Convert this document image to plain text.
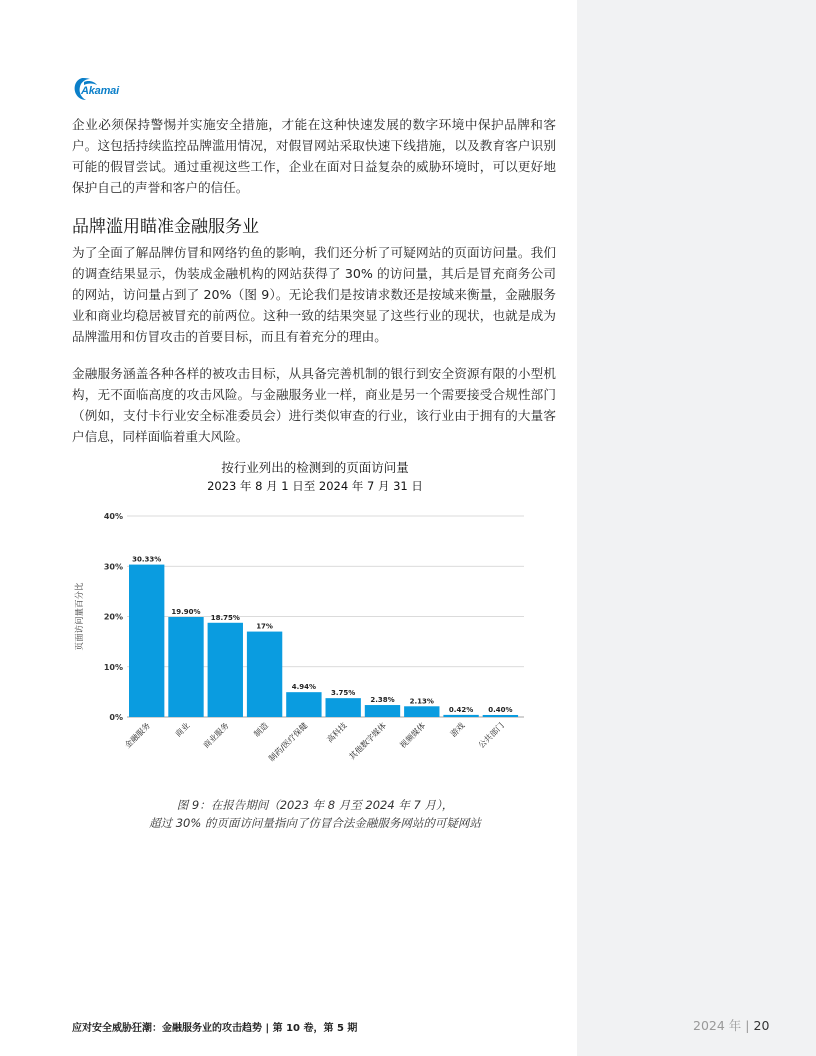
Akamai

企业必须保持警惕并实施安全措施，才能在这种快速发展的数字环境中保护品牌和客户。这包括持续监控品牌滥用情况，对假冒网站采取快速下线措施，以及教育客户识别可能的假冒尝试。通过重视这些工作，企业在面对日益复杂的威胁环境时，可以更好地保护自己的声誉和客户的信任。

品牌滥用瞄准金融服务业

为了全面了解品牌仿冒和网络钓鱼的影响，我们还分析了可疑网站的页面访问量。我们的调查结果显示，伪装成金融机构的网站获得了 30% 的访问量，其后是冒充商务公司的网站，访问量占到了 20%（图 9）。无论我们是按请求数还是按域来衡量，金融服务业和商业均稳居被冒充的前两位。这种一致的结果突显了这些行业的现状，也就是成为品牌滥用和仿冒攻击的首要目标，而且有着充分的理由。

金融服务涵盖各种各样的被攻击目标，从具备完善机制的银行到安全资源有限的小型机构，无不面临高度的攻击风险。与金融服务业一样，商业是另一个需要接受合规性部门（例如，支付卡行业安全标准委员会）进行类似审查的行业，该行业由于拥有的大量客户信息，同样面临着重大风险。

按行业列出的检测到的页面访问量
2023 年 8 月 1 日至 2024 年 7 月 31 日
0%
10%
20%
30%
40%
页面访问量百分比
30.33%
金融服务
19.90%
商业
18.75%
商业服务
17%
制造
4.94%
制药/医疗保健
3.75%
高科技
2.38%
其他数字媒体
2.13%
视频媒体
0.42%
游戏
0.40%
公共部门
图 9：在报告期间（2023 年 8 月至 2024 年 7 月），
超过 30% 的页面访问量指向了仿冒合法金融服务网站的可疑网站
应对安全威胁狂潮：金融服务业的攻击趋势 | 第 10 卷，第 5 期	2024 年 | 20
